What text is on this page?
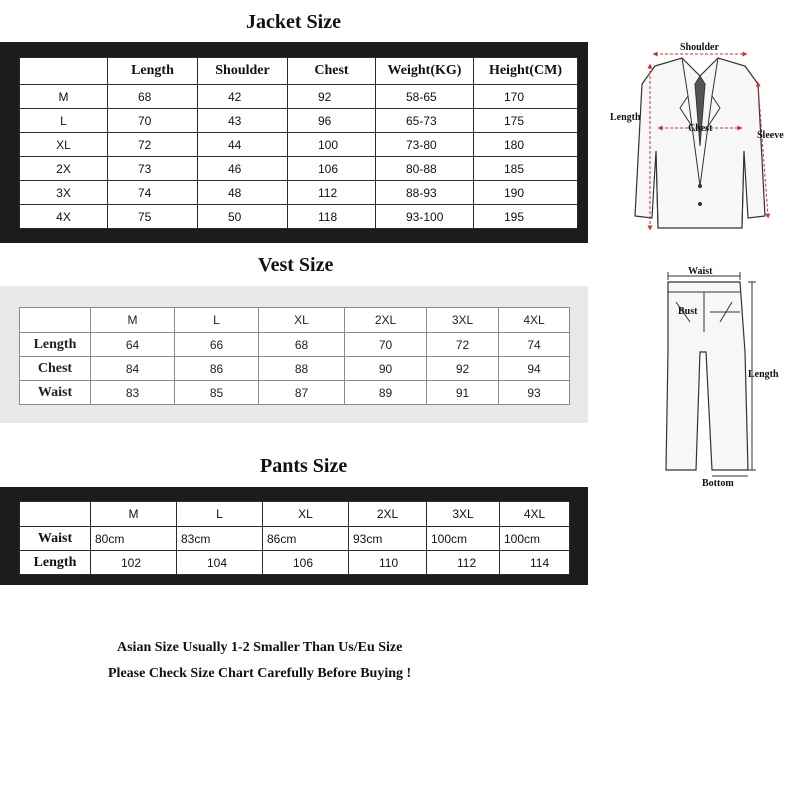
Jacket Size
	Length	Shoulder	Chest	Weight(KG)	Height(CM)
M	68	42	92	58-65	170
L	70	43	96	65-73	175
XL	72	44	100	73-80	180
2X	73	46	106	80-88	185
3X	74	48	112	88-93	190
4X	75	50	118	93-100	195
Vest Size
	M	L	XL	2XL	3XL	4XL
Length	64	66	68	70	72	74
Chest	84	86	88	90	92	94
Waist	83	85	87	89	91	93
Pants Size
	M	L	XL	2XL	3XL	4XL
Waist	80cm	83cm	86cm	93cm	100cm	100cm
Length	102	104	106	110	112	114
Shoulder
Length
Chest
Sleeve
Waist
Bust
Length
Bottom
Asian Size Usually 1-2 Smaller Than Us/Eu Size
Please Check Size Chart Carefully Before Buying !
